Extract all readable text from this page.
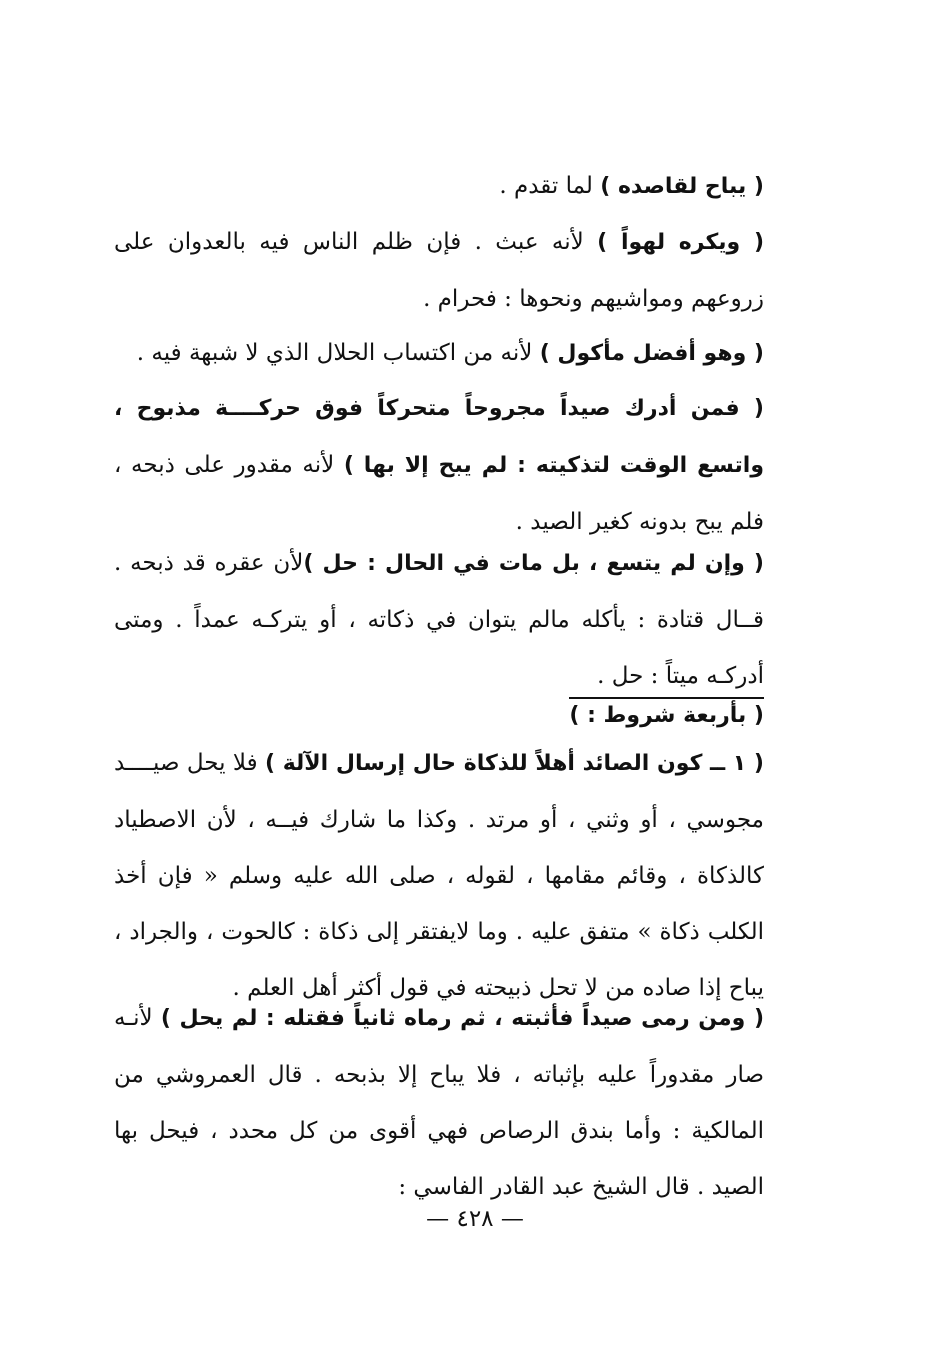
( يباح لقاصده ) لما تقدم .

( ويكره لهواً ) لأنه عبث . فإن ظلم الناس فيه بالعدوان على زروعهم ومواشيهم ونحوها : فحرام .

( وهو أفضل مأكول ) لأنه من اكتساب الحلال الذي لا شبهة فيه .

( فمن أدرك صيداً مجروحاً متحركاً فوق حركــــة مذبوح ، واتسع الوقت لتذكيته : لم يبح إلا بها ) لأنه مقدور على ذبحه ، فلم يبح بدونه كغير الصيد .

( وإن لم يتسع ، بل مات في الحال : حل )لأن عقره قد ذبحه . قــال قتادة : يأكله مالم يتوان في ذكاته ، أو يتركـه عمداً . ومتى أدركـه ميتاً : حل .

( بأربعة شروط : )

( ١ ــ كون الصائد أهلاً للذكاة حال إرسال الآلة ) فلا يحل صيــــد مجوسي ، أو وثني ، أو مرتد . وكذا ما شارك فيــه ، لأن الاصطياد كالذكاة ، وقائم مقامها ، لقوله ، صلى الله عليه وسلم « فإن أخذ الكلب ذكاة » متفق عليه . وما لايفتقر إلى ذكاة : كالحوت ، والجراد ، يباح إذا صاده من لا تحل ذبيحته في قول أكثر أهل العلم .

( ومن رمى صيداً فأثبته ، ثم رماه ثانياً فقتله : لم يحل ) لأنـه صار مقدوراً عليه بإثباته ، فلا يباح إلا بذبحه . قال العمروشي من المالكية : وأما بندق الرصاص فهي أقوى من كل محدد ، فيحل بها الصيد . قال الشيخ عبد القادر الفاسي :

— ٤٢٨ —
